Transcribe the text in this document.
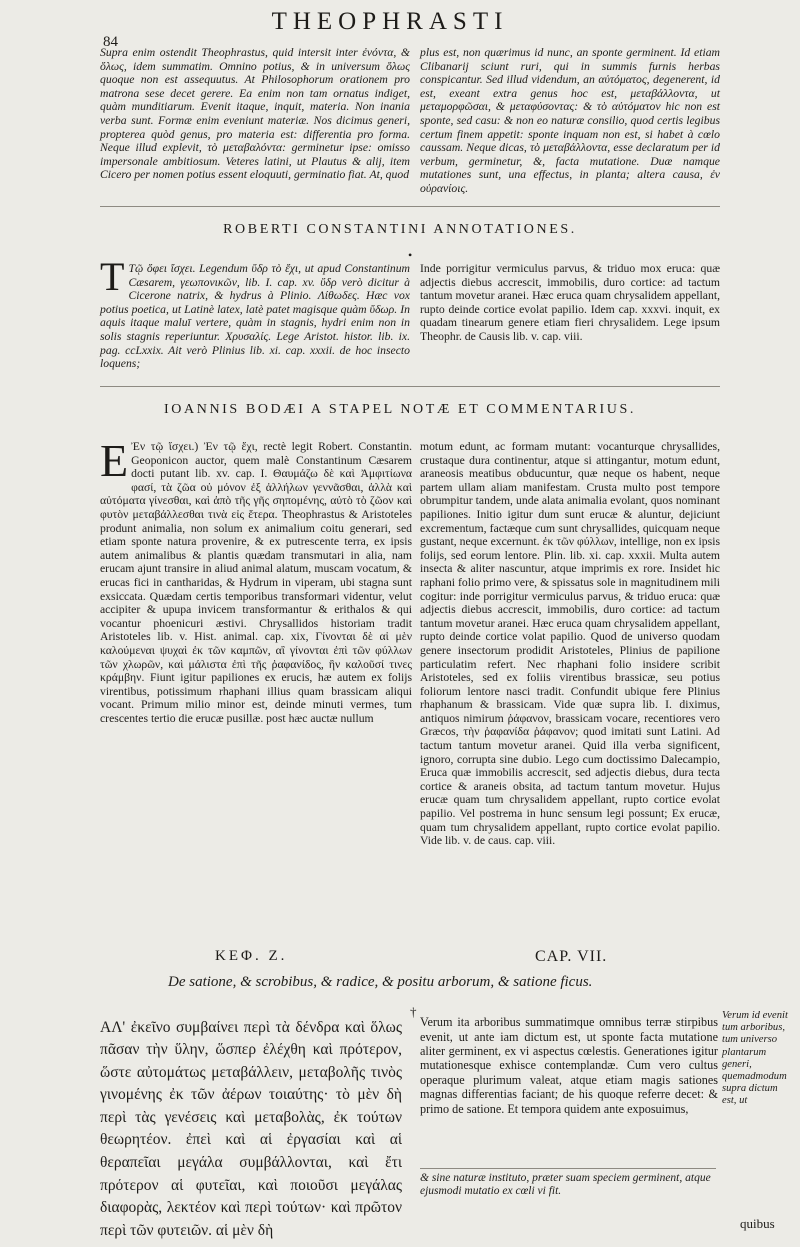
84
THEOPHRASTI

Supra enim ostendit Theophrastus, quid intersit inter ἐνόντα, & ὅλως, idem summatim. Omnino potius, & in universum ὅλως quoque non est assequutus. At Philosophorum orationem pro matrona sese decet gerere. Ea enim non tam ornatus indiget, quàm munditiarum. Evenit itaque, inquit, materia. Non inania verba sunt. Formæ enim eveniunt materiæ. Nos dicimus generi, propterea quòd genus, pro materia est: differentia pro forma. Neque illud explevit, τὸ μεταβαλόντα: germinetur ipse: omisso impersonale ambitiosum. Veteres latini, ut Plautus & alij, item Cicero per nomen potius essent eloquuti, germinatio fiat. At, quod

plus est, non quærimus id nunc, an sponte germinent. Id etiam Clibanarij sciunt ruri, qui in summis furnis herbas conspicantur. Sed illud videndum, an αὐτόματος, degenerent, id est, exeant extra genus hoc est, μεταβάλλοντα, ut μεταμορφῶσαι, & μεταφύσοντας: & τὸ αὐτόματον hic non est sponte, sed casu: & non eo naturæ consilio, quod certis legibus certum finem appetit: sponte inquam non est, si habet à cœlo caussam. Neque dicas, τὸ μεταβάλλοντα, esse declaratum per id verbum, germinetur, &, facta mutatione. Duæ namque mutationes sunt, una effectus, in planta; altera causa, ἐν οὐρανίοις.

ROBERTI CONSTANTINI ANNOTATIONES.
•
T Τῷ ὄφει ἴσχει. Legendum ὕδρ τὸ ἔχι, ut apud Constantinum Cæsarem, γεωπονικῶν, lib. I. cap. xv. ὕδρ verò dicitur à Cicerone natrix, & hydrus à Plinio. Λίθωδες. Hæc vox potius poetica, ut Latinè latex, latè patet magisque quàm ὕδωρ. In aquis itaque maluī vertere, quàm in stagnis, hydri enim non in solis stagnis reperiuntur. Χρυσαλίς. Lege Aristot. histor. lib. ix. pag. ccLxxix. Ait verò Plinius lib. xi. cap. xxxii. de hoc insecto loquens;

Inde porrigitur vermiculus parvus, & triduo mox eruca: quæ adjectis diebus accrescit, immobilis, duro cortice: ad tactum tantum movetur aranei. Hæc eruca quam chrysalidem appellant, rupto deinde cortice evolat papilio. Idem cap. xxxvi. inquit, ex quadam tinearum genere etiam fieri chrysalidem. Lege ipsum Theophr. de Causis lib. v. cap. viii.

IOANNIS BODÆI A STAPEL NOTÆ ET COMMENTARIUS.
E Ἐν τῷ ἴσχει.) Ἐν τῷ ἔχι, rectè legit Robert. Constantin. Geoponicon auctor, quem malè Constantinum Cæsarem docti putant lib. xv. cap. I. Θαυμάζω δὲ καὶ Ἀμφιτίωνα φασί, τὰ ζῶα οὐ μόνον ἐξ ἀλλήλων γεννᾶσθαι, ἀλλὰ καὶ αὐτόματα γίνεσθαι, καὶ ἀπὸ τῆς γῆς σηπομένης, αὐτὸ τὸ ζῶον καὶ φυτὸν μεταβάλλεσθαι τινὰ εἰς ἕτερα. Theophrastus & Aristoteles produnt animalia, non solum ex animalium coitu generari, sed etiam sponte natura provenire, & ex putrescente terra, ex ipsis autem animalibus & plantis quædam transmutari in alia, nam erucam ajunt transire in aliud animal alatum, muscam vocatum, & erucas fici in cantharidas, & Hydrum in viperam, ubi stagna sunt exsiccata. Quædam certis temporibus transformari videntur, velut accipiter & upupa invicem transformantur & erithalos & qui vocantur phoenicuri æstivi. Chrysallidos historiam tradit Aristoteles lib. v. Hist. animal. cap. xix, Γίνονται δὲ αἱ μὲν καλούμεναι ψυχαὶ ἐκ τῶν καμπῶν, αἳ γίνονται ἐπὶ τῶν φύλλων τῶν χλωρῶν, καὶ μάλιστα ἐπὶ τῆς ῥαφανίδος, ἣν καλοῦσί τινες κράμβην. Fiunt igitur papiliones ex erucis, hæ autem ex folijs virentibus, potissimum rhaphani illius quam brassicam aliqui vocant. Primum milio minor est, deinde minuti vermes, tum crescentes tertio die erucæ pusillæ. post hæc auctæ nullum

motum edunt, ac formam mutant: vocanturque chrysallides, crustaque dura continentur, atque si attingantur, motum edunt, araneosis meatibus obducuntur, quæ neque os habent, neque partem ullam aliam manifestam. Crusta multo post tempore obrumpitur tandem, unde alata animalia evolant, quos nominant papiliones. Initio igitur dum sunt erucæ & aluntur, dejiciunt excrementum, factæque cum sunt chrysallides, quicquam neque gustant, neque excernunt. ἐκ τῶν φύλλων, intellige, non ex ipsis folijs, sed eorum lentore. Plin. lib. xi. cap. xxxii. Multa autem insecta & aliter nascuntur, atque imprimis ex rore. Insidet hic raphani folio primo vere, & spissatus sole in magnitudinem mili cogitur: inde porrigitur vermiculus parvus, & triduo eruca: quæ adjectis diebus accrescit, immobilis, duro cortice: ad tactum tantum movetur aranei. Hæc eruca quam chrysalidem appellant, rupto deinde cortice volat papilio. Quod de universo quodam genere insectorum prodidit Aristoteles, Plinius de papilione particulatim refert. Nec rhaphani folio insidere scribit Aristoteles, sed ex foliis virentibus brassicæ, seu potius foliorum lentore nasci tradit. Confundit ubique fere Plinius rhaphanum & brassicam. Vide quæ supra lib. I. diximus, antiquos nimirum ῥάφανον, brassicam vocare, recentiores vero Græcos, τὴν ῥαφανίδα ῥάφανον; quod imitati sunt Latini. Ad tactum tantum movetur aranei. Quid illa verba significent, ignoro, corrupta sine dubio. Lego cum doctissimo Dalecampio, Eruca quæ immobilis accrescit, sed adjectis diebus, dura tecta cortice & araneis obsita, ad tactum tantum movetur. Hujus erucæ quam tum chrysalidem appellant, rupto cortice evolat papilio. Vel postrema in hunc sensum legi possunt; Ex erucæ, quam tum chrysalidem appellant, rupto cortice evolat papilio. Vide lib. v. de caus. cap. viii.

ΚΕΦ. Ζ.	CAP. VII.
De satione, & scrobibus, & radice, & positu arborum, & satione ficus.

ΑΛ' ἐκεῖνο συμβαίνει περὶ τὰ δένδρα καὶ ὅλως πᾶσαν τὴν ὕλην, ὥσπερ ἐλέχθη καὶ πρότερον, ὥστε αὐτομάτως μεταβάλλειν, μεταβολῆς τινὸς γινομένης ἐκ τῶν ἀέρων τοιαύτης· τὸ μὲν δὴ περὶ τὰς γενέσεις καὶ μεταβολὰς, ἐκ τούτων θεωρητέον. ἐπεὶ καὶ αἱ ἐργασίαι καὶ αἱ θεραπεῖαι μεγάλα συμβάλλονται, καὶ ἔτι πρότερον αἱ φυτεῖαι, καὶ ποιοῦσι μεγάλας διαφορὰς, λεκτέον καὶ περὶ τούτων· καὶ πρῶτον περὶ τῶν φυτειῶν. αἱ μὲν δὴ

†

Verum ita arboribus summatimque omnibus terræ stirpibus evenit, ut ante iam dictum est, ut sponte facta mutatione aliter germinent, ex vi aspectus cœlestis. Generationes igitur mutationesque exhisce contemplandæ. Cum vero cultus operaque plurimum valeat, atque etiam magis sationes magnas differentias faciant; de his quoque referre decet: & primo de satione. Et tempora quidem ante exposuimus,

& sine naturæ instituto, præter suam speciem germinent, atque ejusmodi mutatio ex cœli vi fit.
Verum id evenit tum arboribus, tum universo plantarum generi, quemadmodum supra dictum est, ut
quibus
